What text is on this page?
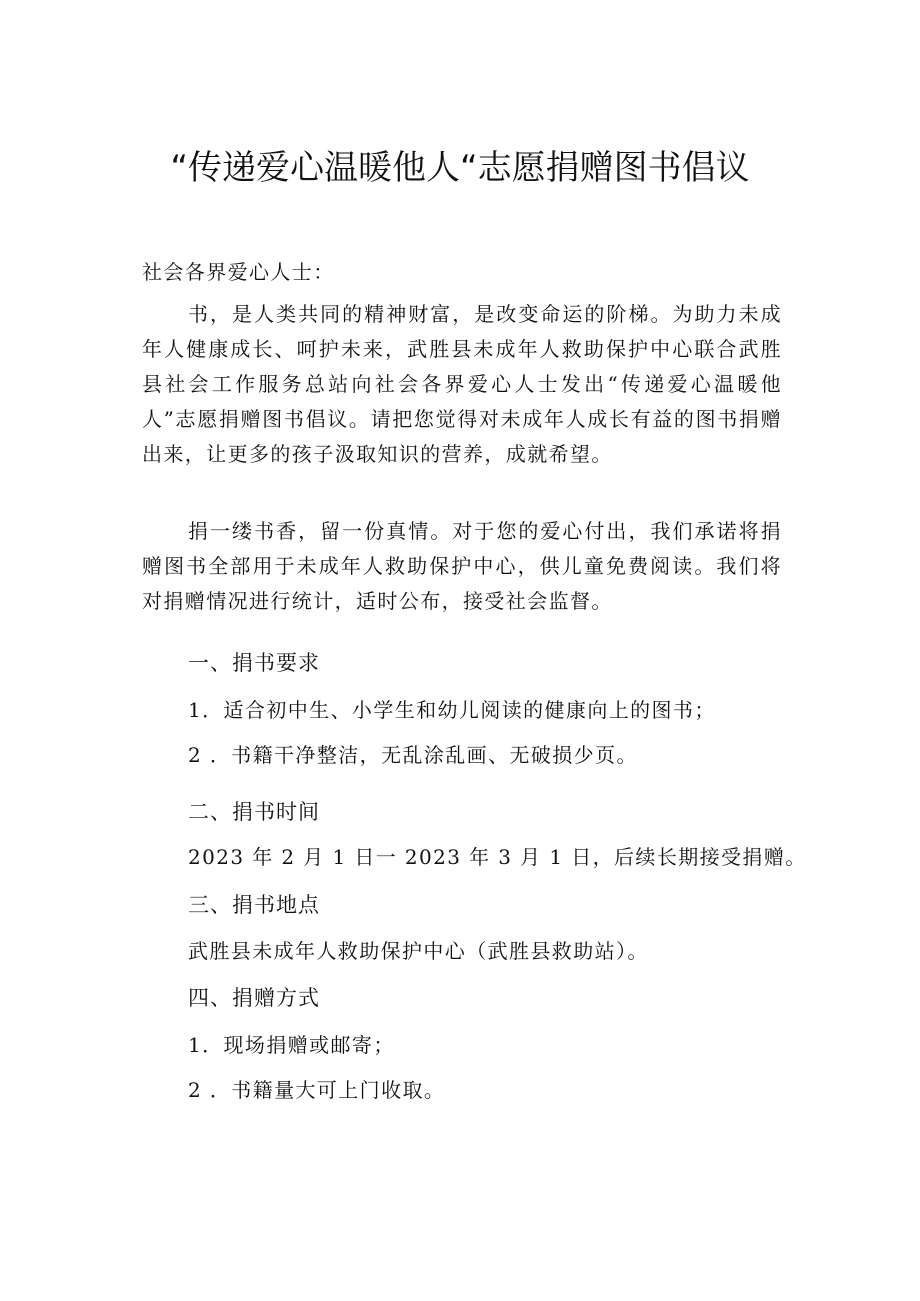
“传递爱心温暖他人“志愿捐赠图书倡议
社会各界爱心人士：
书，是人类共同的精神财富，是改变命运的阶梯。为助力未成年人健康成长、呵护未来，武胜县未成年人救助保护中心联合武胜县社会工作服务总站向社会各界爱心人士发出“传递爱心温暖他人”志愿捐赠图书倡议。请把您觉得对未成年人成长有益的图书捐赠出来，让更多的孩子汲取知识的营养，成就希望。
捐一缕书香，留一份真情。对于您的爱心付出，我们承诺将捐赠图书全部用于未成年人救助保护中心，供儿童免费阅读。我们将对捐赠情况进行统计，适时公布，接受社会监督。
一、捐书要求
1．适合初中生、小学生和幼儿阅读的健康向上的图书；
2 ．书籍干净整洁，无乱涂乱画、无破损少页。
二、捐书时间
2023 年 2 月 1 日一 2023 年 3 月 1 日，后续长期接受捐赠。
三、捐书地点
武胜县未成年人救助保护中心（武胜县救助站）。
四、捐赠方式
1．现场捐赠或邮寄；
2 ．书籍量大可上门收取。
